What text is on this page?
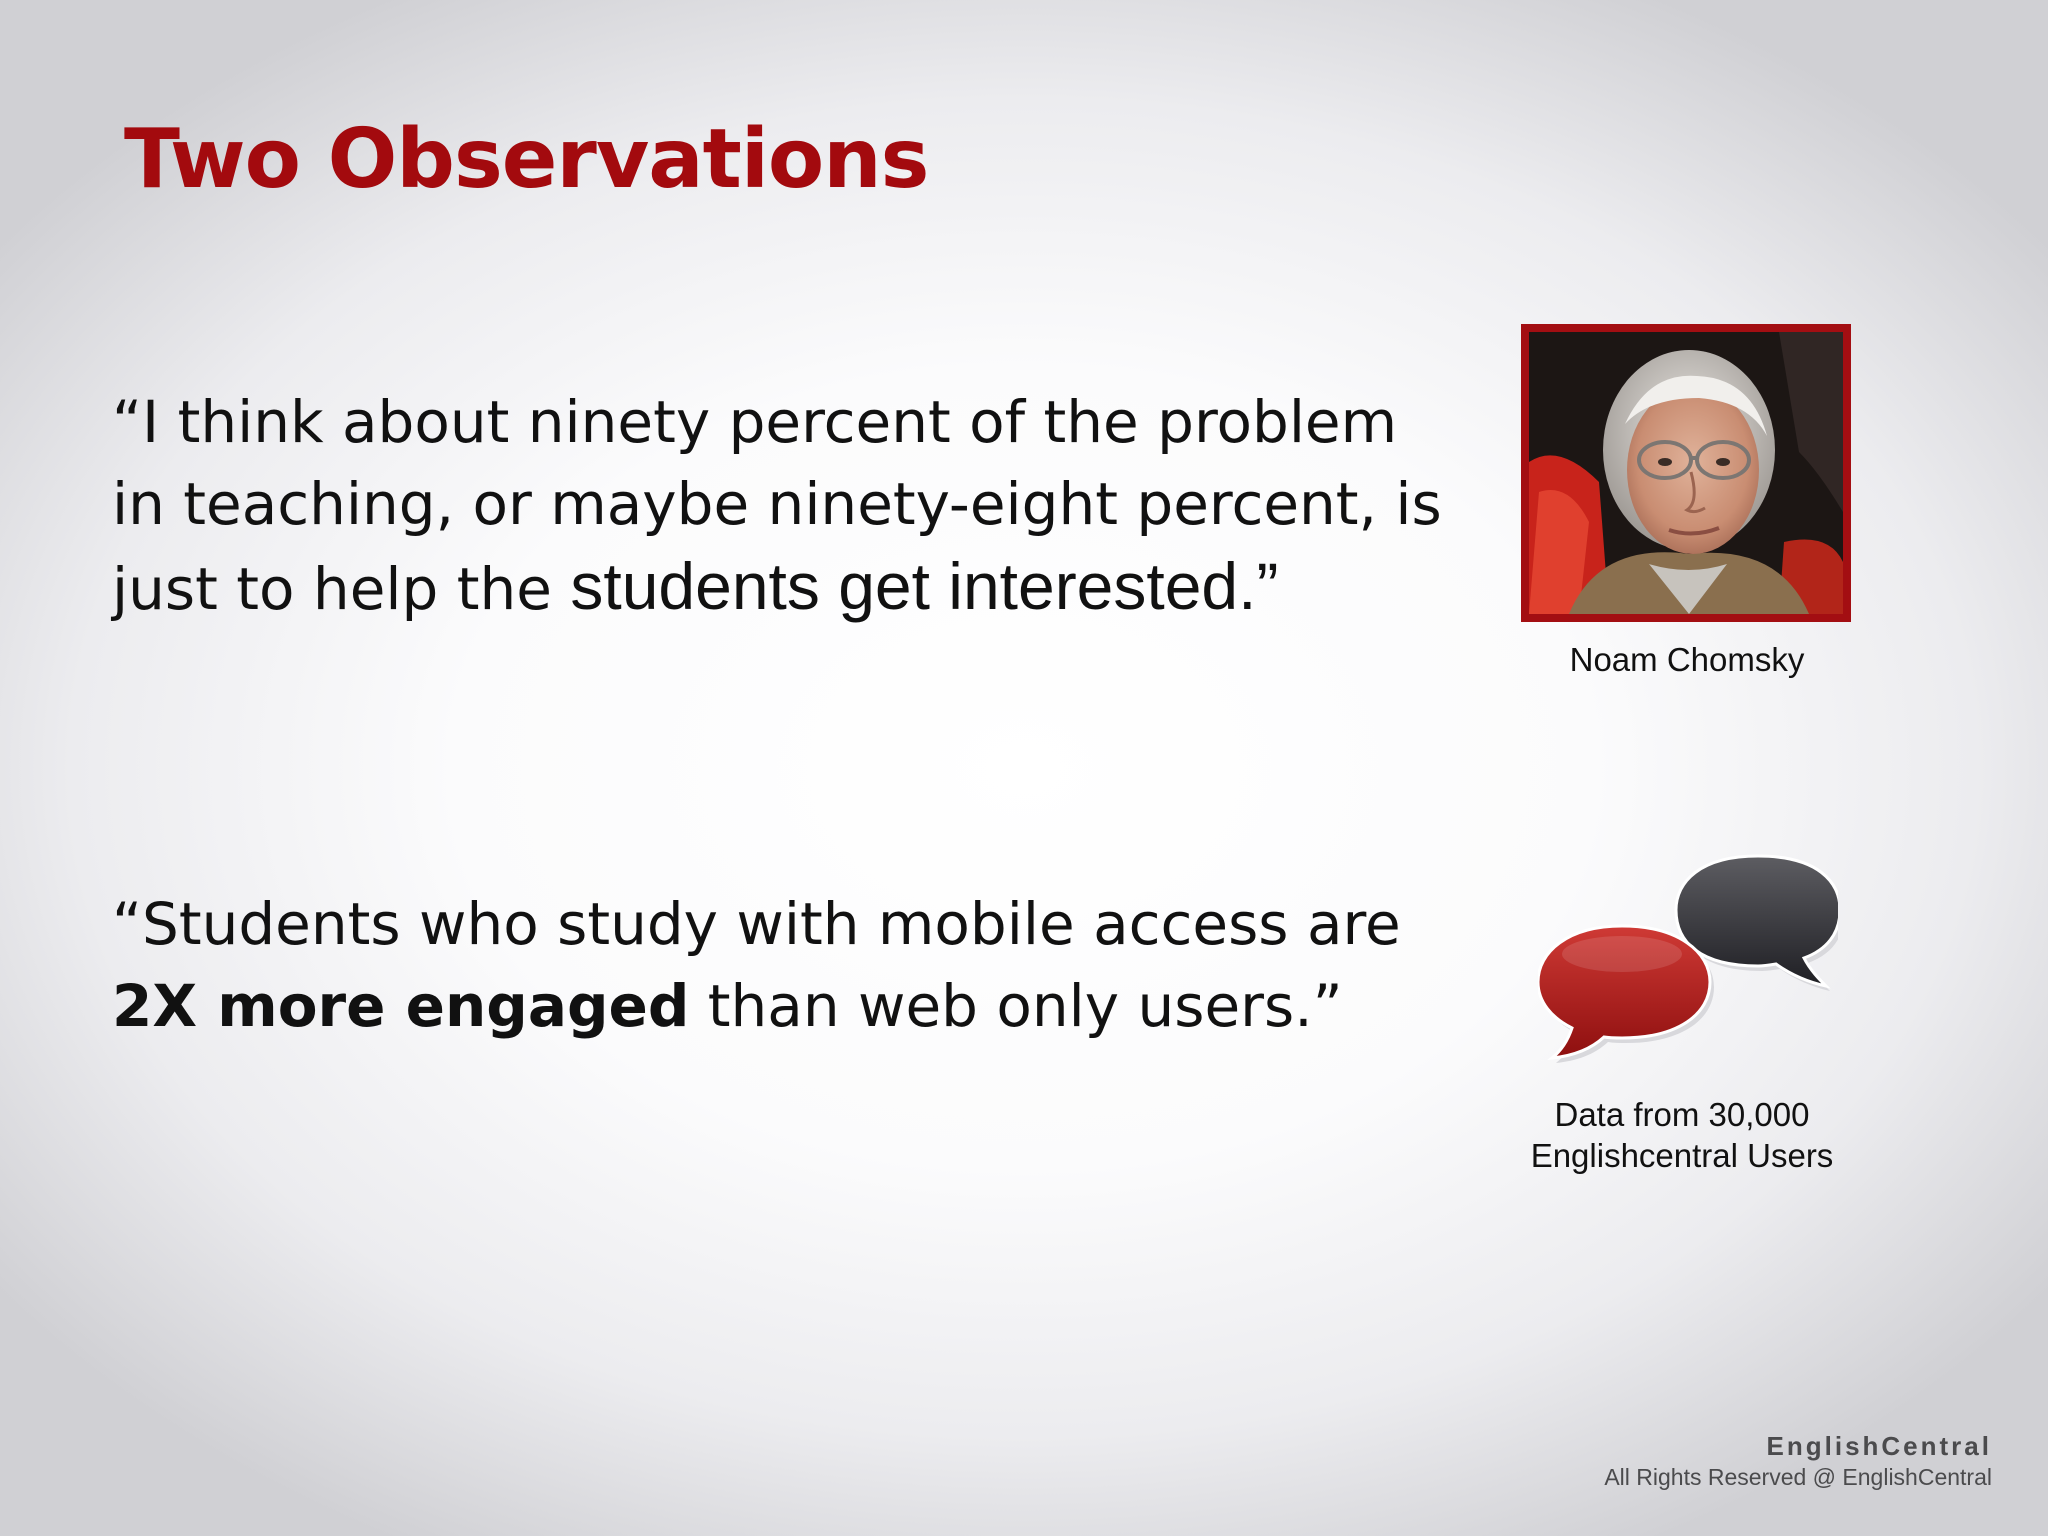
Two Observations

“I think about ninety percent of the problem in teaching, or maybe ninety-eight percent, is just to help the students get interested.”

Noam Chomsky

“Students who study with mobile access are 2X more engaged than web only users.”

Data from 30,000
Englishcentral Users

EnglishCentral
All Rights Reserved @ EnglishCentral
